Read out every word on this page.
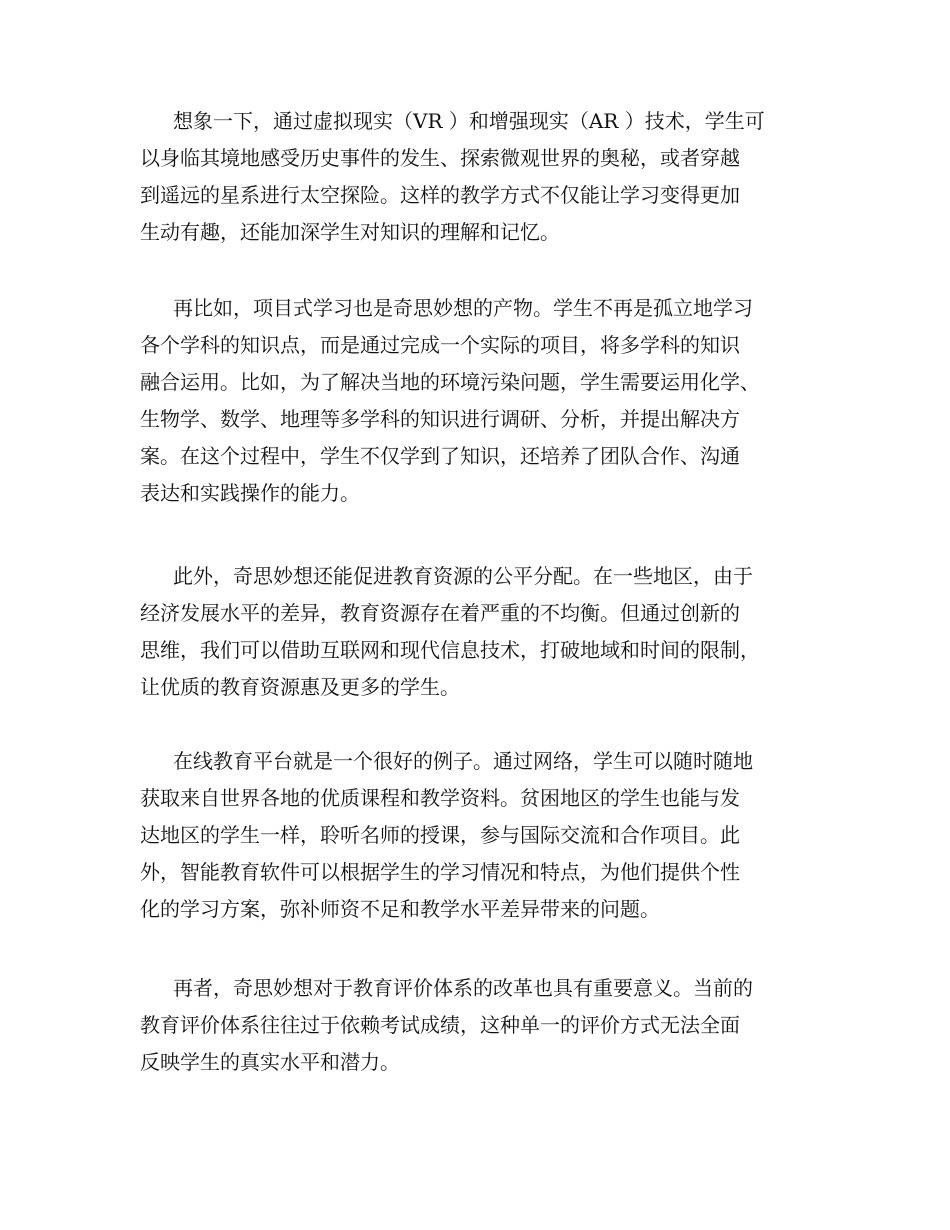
想象一下，通过虚拟现实（VR ）和增强现实（AR ）技术，学生可
以身临其境地感受历史事件的发生、探索微观世界的奥秘，或者穿越
到遥远的星系进行太空探险。这样的教学方式不仅能让学习变得更加
生动有趣，还能加深学生对知识的理解和记忆。
再比如，项目式学习也是奇思妙想的产物。学生不再是孤立地学习
各个学科的知识点，而是通过完成一个实际的项目，将多学科的知识
融合运用。比如，为了解决当地的环境污染问题，学生需要运用化学、
生物学、数学、地理等多学科的知识进行调研、分析，并提出解决方
案。在这个过程中，学生不仅学到了知识，还培养了团队合作、沟通
表达和实践操作的能力。
此外，奇思妙想还能促进教育资源的公平分配。在一些地区，由于
经济发展水平的差异，教育资源存在着严重的不均衡。但通过创新的
思维，我们可以借助互联网和现代信息技术，打破地域和时间的限制，
让优质的教育资源惠及更多的学生。
在线教育平台就是一个很好的例子。通过网络，学生可以随时随地
获取来自世界各地的优质课程和教学资料。贫困地区的学生也能与发
达地区的学生一样，聆听名师的授课，参与国际交流和合作项目。此
外，智能教育软件可以根据学生的学习情况和特点，为他们提供个性
化的学习方案，弥补师资不足和教学水平差异带来的问题。
再者，奇思妙想对于教育评价体系的改革也具有重要意义。当前的
教育评价体系往往过于依赖考试成绩，这种单一的评价方式无法全面
反映学生的真实水平和潜力。
